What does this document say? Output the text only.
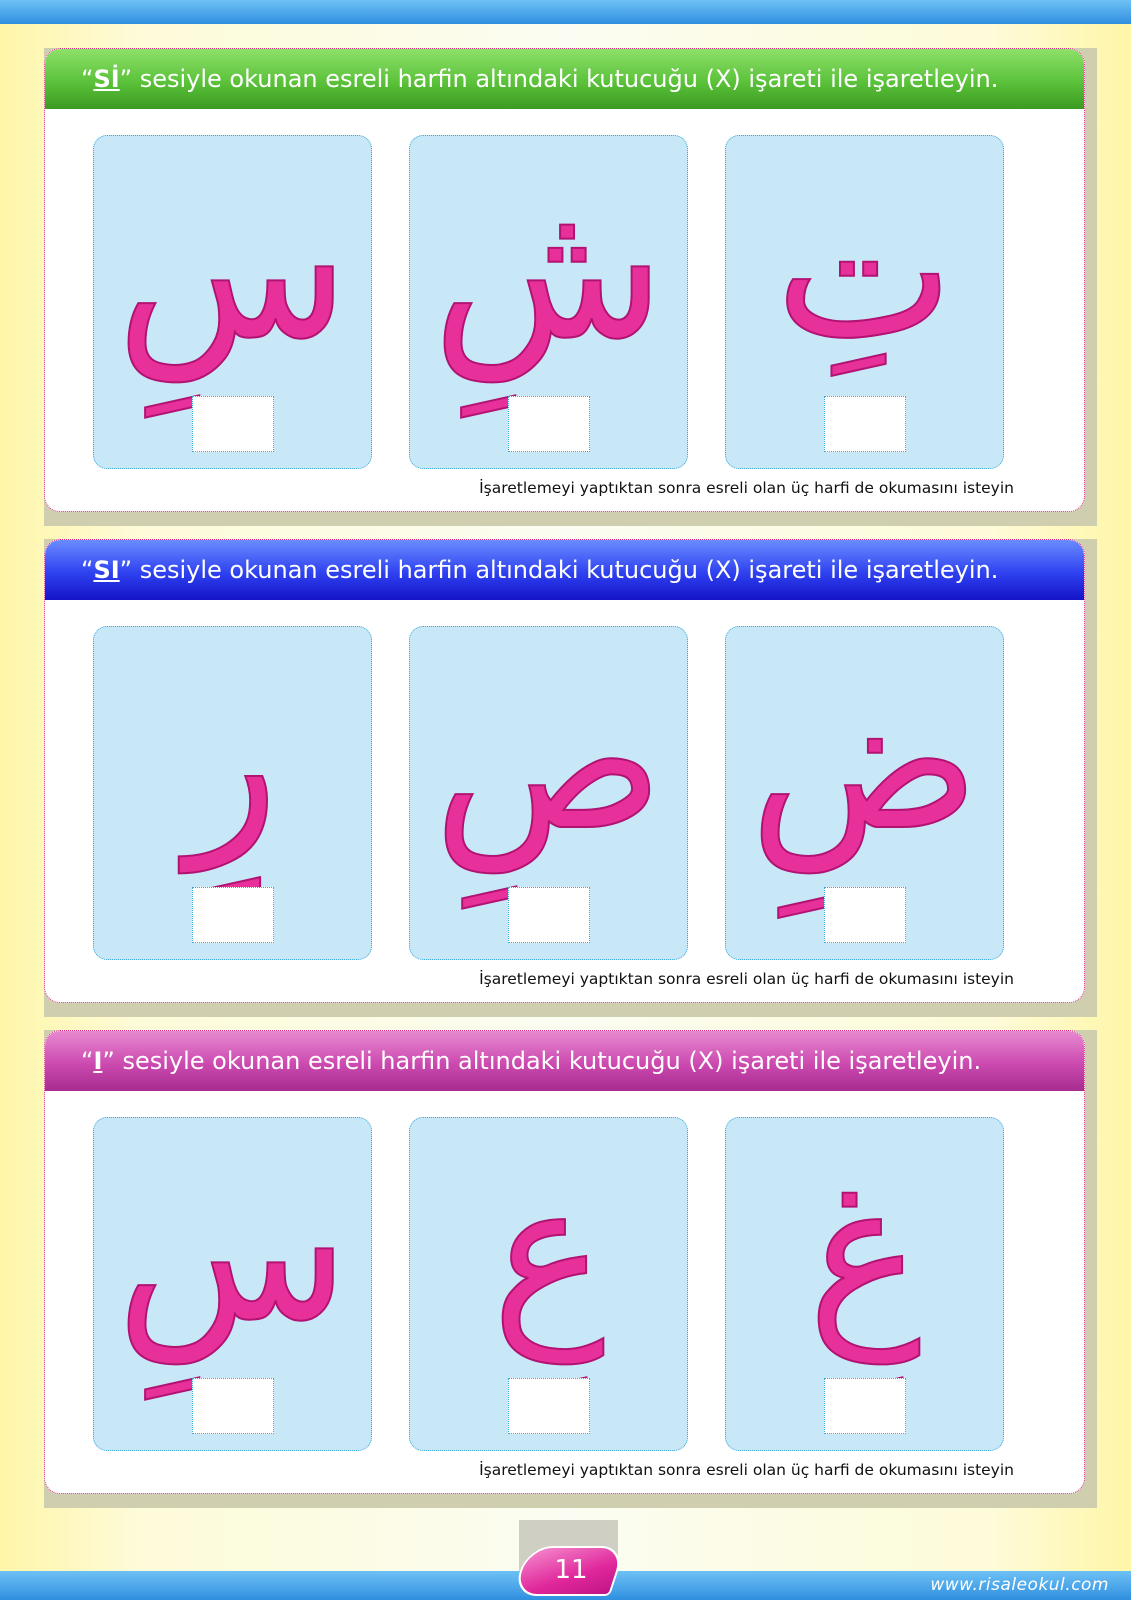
“ Sİ ” sesiyle okunan esreli harfin altındaki kutucuğu (X) işareti ile işaretleyin.
سِ شِ تِ
İşaretlemeyi yaptıktan sonra esreli olan üç harfi de okumasını isteyin
“ SI ” sesiyle okunan esreli harfin altındaki kutucuğu (X) işareti ile işaretleyin.
رِ صِ ضِ
İşaretlemeyi yaptıktan sonra esreli olan üç harfi de okumasını isteyin
“ I ” sesiyle okunan esreli harfin altındaki kutucuğu (X) işareti ile işaretleyin.
سِ عِ	غِ
İşaretlemeyi yaptıktan sonra esreli olan üç harfi de okumasını isteyin
11	www.risaleokul.com
